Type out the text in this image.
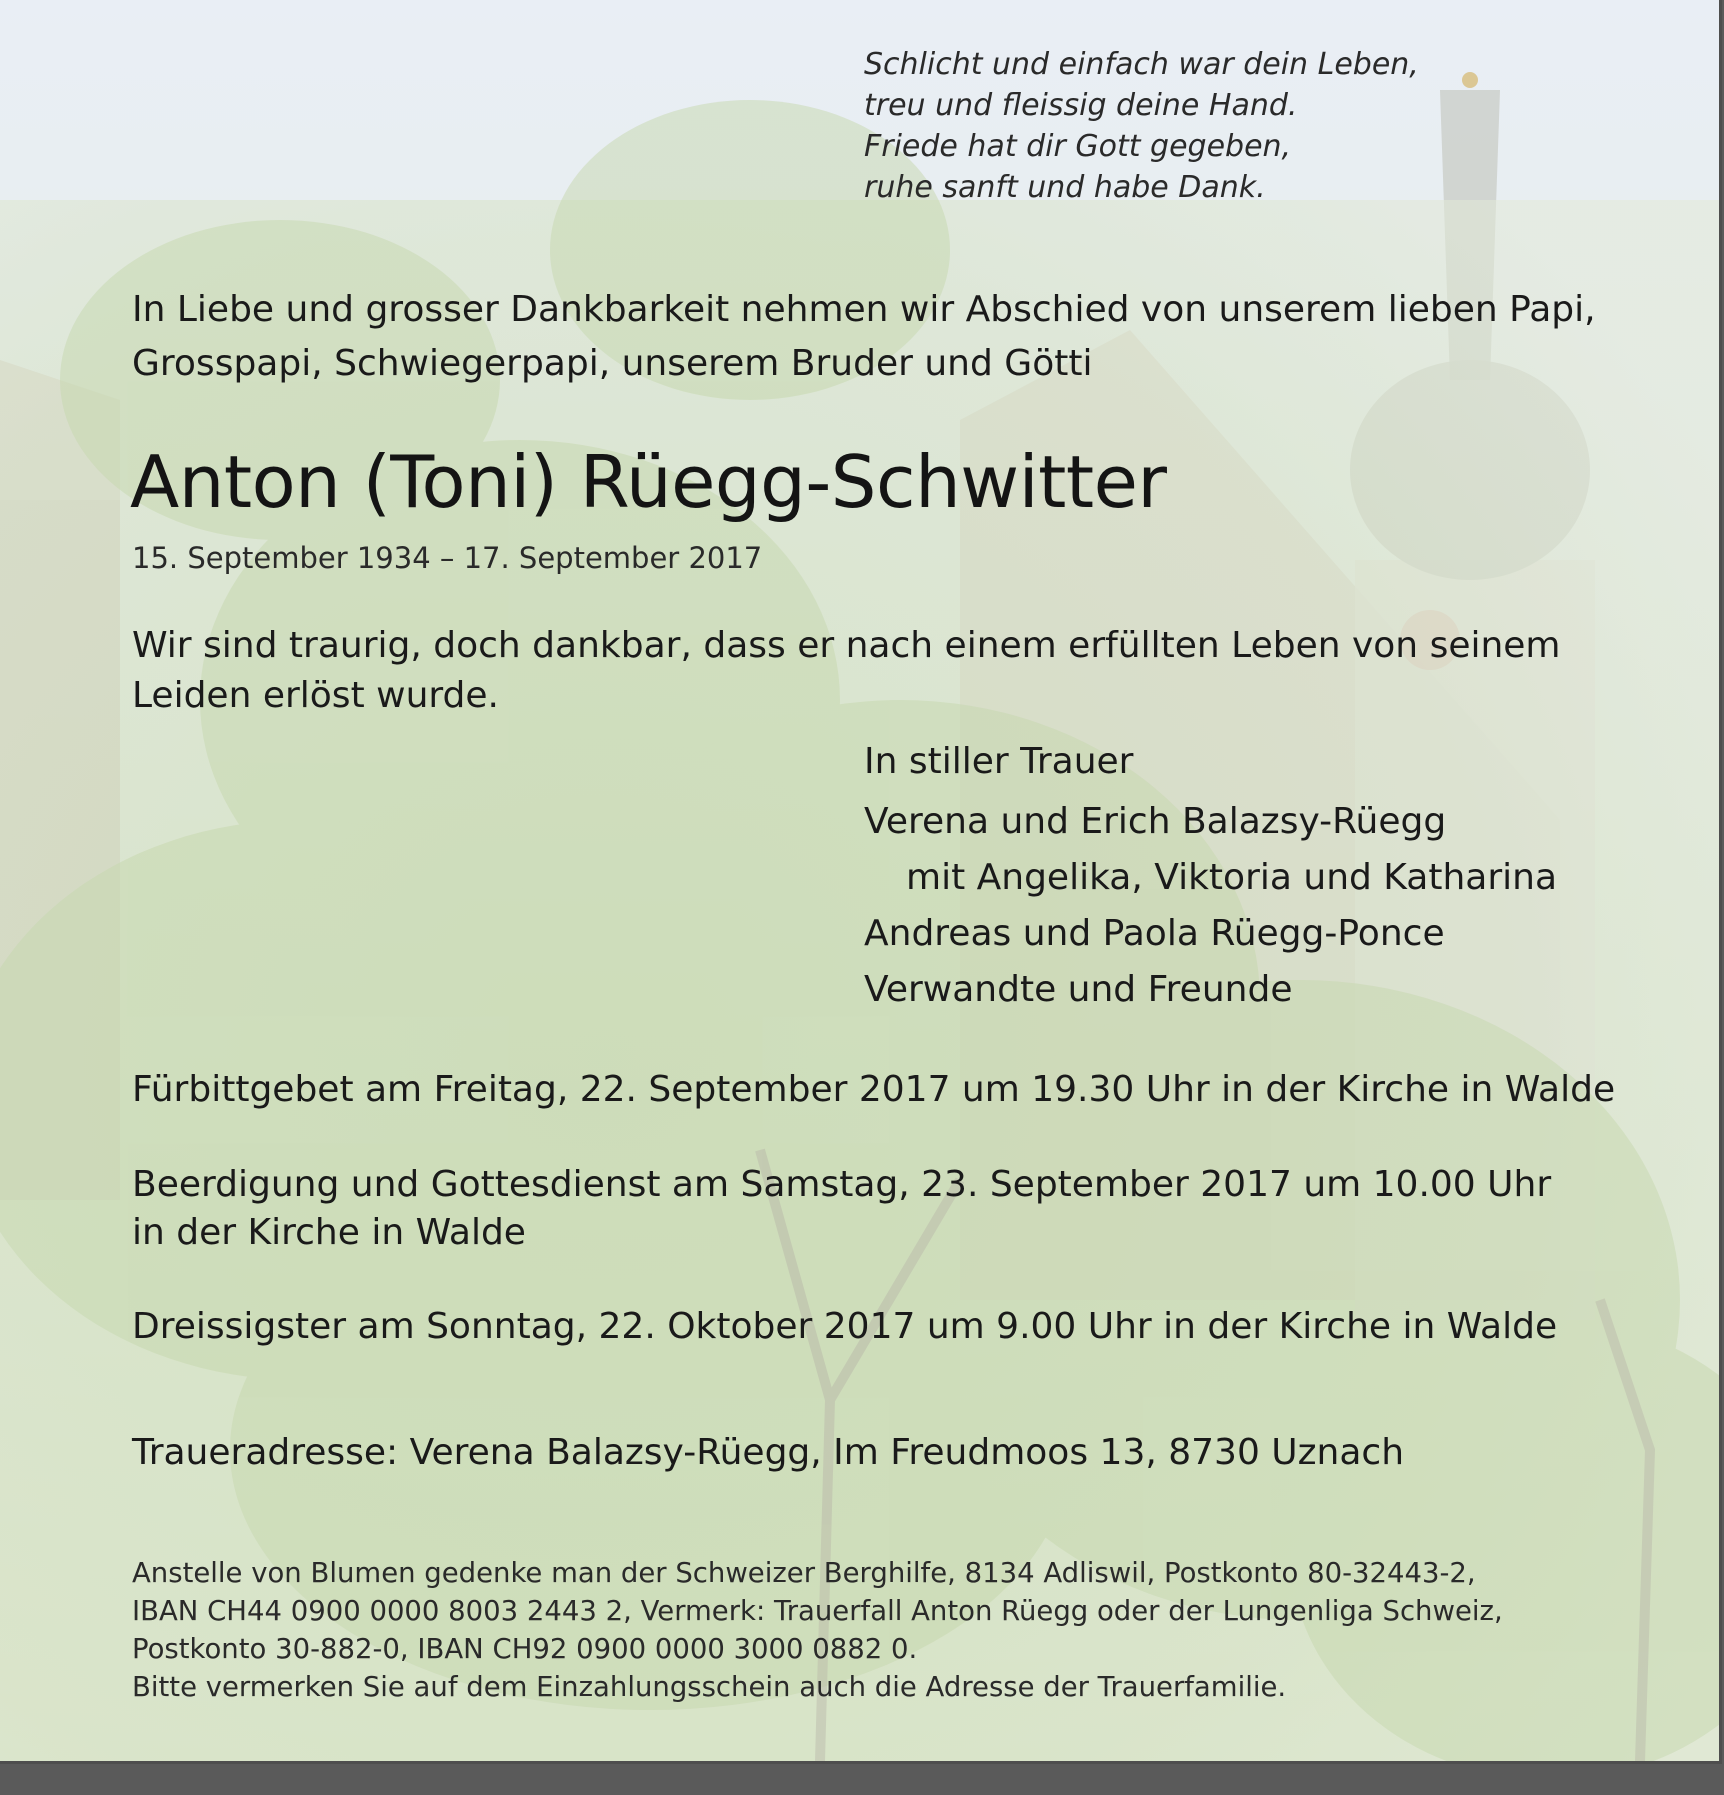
Schlicht und einfach war dein Leben,
treu und fleissig deine Hand.
Friede hat dir Gott gegeben,
ruhe sanft und habe Dank.
In Liebe und grosser Dankbarkeit nehmen wir Abschied von unserem lieben Papi,
Grosspapi, Schwiegerpapi, unserem Bruder und Götti
Anton (Toni) Rüegg-Schwitter
15. September 1934 – 17. September 2017
Wir sind traurig, doch dankbar, dass er nach einem erfüllten Leben von seinem
Leiden erlöst wurde.
In stiller Trauer
Verena und Erich Balazsy-Rüegg
mit Angelika, Viktoria und Katharina
Andreas und Paola Rüegg-Ponce
Verwandte und Freunde
Fürbittgebet am Freitag, 22. September 2017 um 19.30 Uhr in der Kirche in Walde
Beerdigung und Gottesdienst am Samstag, 23. September 2017 um 10.00 Uhr
in der Kirche in Walde
Dreissigster am Sonntag, 22. Oktober 2017 um 9.00 Uhr in der Kirche in Walde
Traueradresse: Verena Balazsy-Rüegg, Im Freudmoos 13, 8730 Uznach
Anstelle von Blumen gedenke man der Schweizer Berghilfe, 8134 Adliswil, Postkonto 80-32443-2,
IBAN CH44 0900 0000 8003 2443 2, Vermerk: Trauerfall Anton Rüegg oder der Lungenliga Schweiz,
Postkonto 30-882-0, IBAN CH92 0900 0000 3000 0882 0.
Bitte vermerken Sie auf dem Einzahlungsschein auch die Adresse der Trauerfamilie.
